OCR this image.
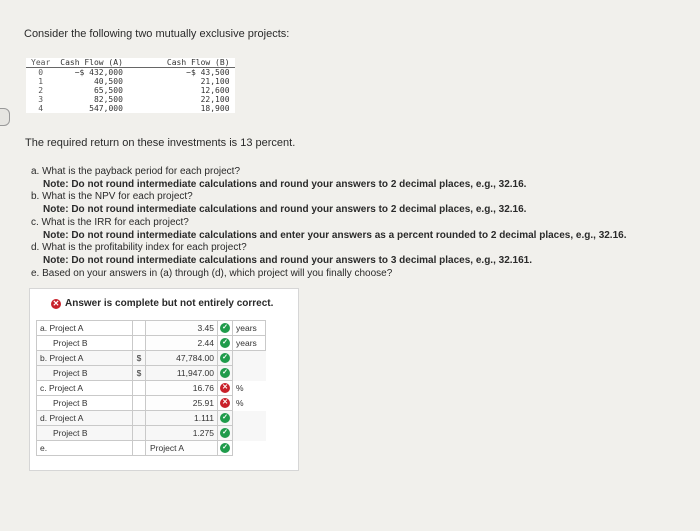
Consider the following two mutually exclusive projects:
Year	Cash Flow (A)	Cash Flow (B)
0	−$ 432,000	−$ 43,500
1	40,500	21,100
2	65,500	12,600
3	82,500	22,100
4	547,000	18,900
The required return on these investments is 13 percent.

a. What is the payback period for each project?

Note: Do not round intermediate calculations and round your answers to 2 decimal places, e.g., 32.16.

b. What is the NPV for each project?

Note: Do not round intermediate calculations and round your answers to 2 decimal places, e.g., 32.16.

c. What is the IRR for each project?

Note: Do not round intermediate calculations and enter your answers as a percent rounded to 2 decimal places, e.g., 32.16.

d. What is the profitability index for each project?

Note: Do not round intermediate calculations and round your answers to 3 decimal places, e.g., 32.161.

e. Based on your answers in (a) through (d), which project will you finally choose?

✕ Answer is complete but not entirely correct.
a. Project A		3.45	✓	years
Project B		2.44	✓	years
b. Project A	$	47,784.00	✓	
Project B	$	11,947.00	✓	
c. Project A		16.76	✕	%
Project B		25.91	✕	%
d. Project A		1.111	✓	
Project B		1.275	✓	
e.		Project A	✓	
